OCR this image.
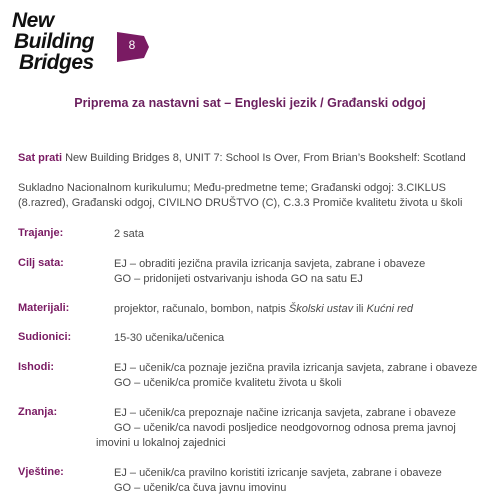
New
Building
Bridges
8
Priprema za nastavni sat – Engleski jezik / Građanski odgoj
Sat prati New Building Bridges 8, UNIT 7: School Is Over, From Brian’s Bookshelf: Scotland
Sukladno Nacionalnom kurikulumu; Među-predmetne teme; Građanski odgoj: 3.CIKLUS
(8.razred), Građanski odgoj, CIVILNO DRUŠTVO (C), C.3.3 Promiče kvalitetu života u školi
Trajanje:	2 sata
Cilj sata:	EJ – obraditi jezična pravila izricanja savjeta, zabrane i obaveze
GO – pridonijeti ostvarivanju ishoda GO na satu EJ
Materijali:	projektor, računalo, bombon, natpis Školski ustav ili Kućni red
Sudionici:	15-30 učenika/učenica
Ishodi:	EJ – učenik/ca poznaje jezična pravila izricanja savjeta, zabrane i obaveze
GO – učenik/ca promiče kvalitetu života u školi
Znanja:	EJ – učenik/ca prepoznaje načine izricanja savjeta, zabrane i obaveze
GO – učenik/ca navodi posljedice neodgovornog odnosa prema javnoj
imovini u lokalnoj zajednici
Vještine:	EJ – učenik/ca pravilno koristiti izricanje savjeta, zabrane i obaveze
GO – učenik/ca čuva javnu imovinu
